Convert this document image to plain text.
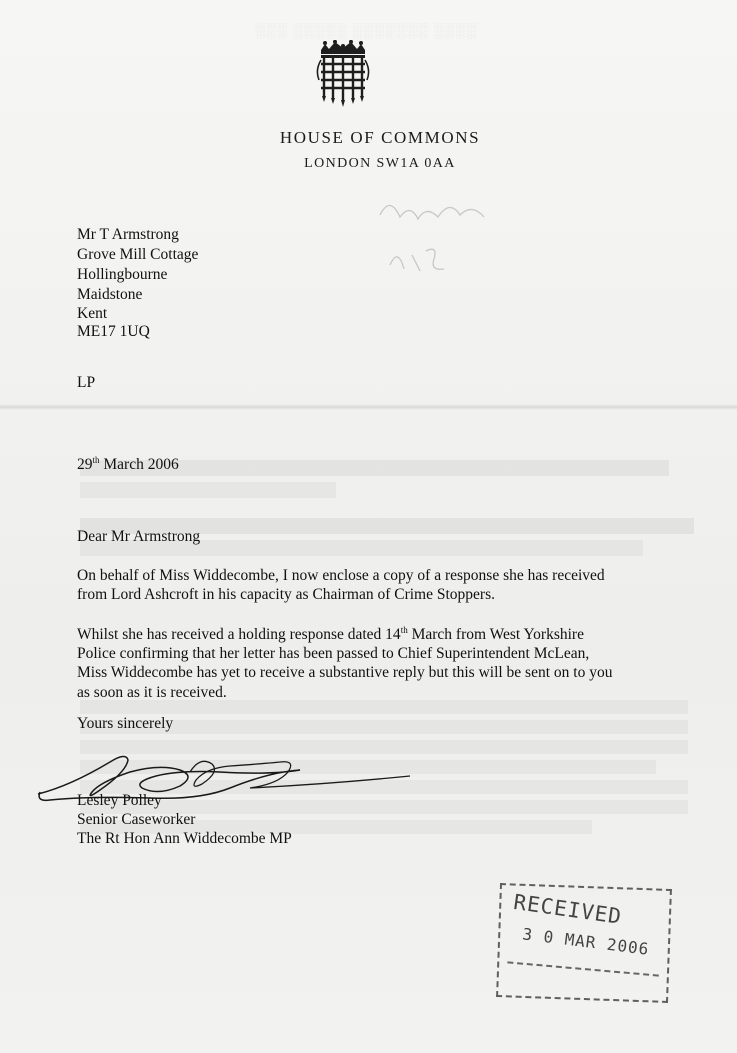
░░░ ░░░░░ ░░░░░░░ ░░░░
HOUSE OF COMMONS
LONDON SW1A 0AA
Mr T Armstrong
Grove Mill Cottage
Hollingbourne
Maidstone
Kent
ME17 1UQ
LP
29th March 2006
Dear Mr Armstrong
On behalf of Miss Widdecombe, I now enclose a copy of a response she has received
from Lord Ashcroft in his capacity as Chairman of Crime Stoppers.
Whilst she has received a holding response dated 14th March from West Yorkshire
Police confirming that her letter has been passed to Chief Superintendent McLean,
Miss Widdecombe has yet to receive a substantive reply but this will be sent on to you
as soon as it is received.
Yours sincerely
Lesley Polley
Senior Caseworker
The Rt Hon Ann Widdecombe MP
RECEIVED
3 0 MAR 2006
